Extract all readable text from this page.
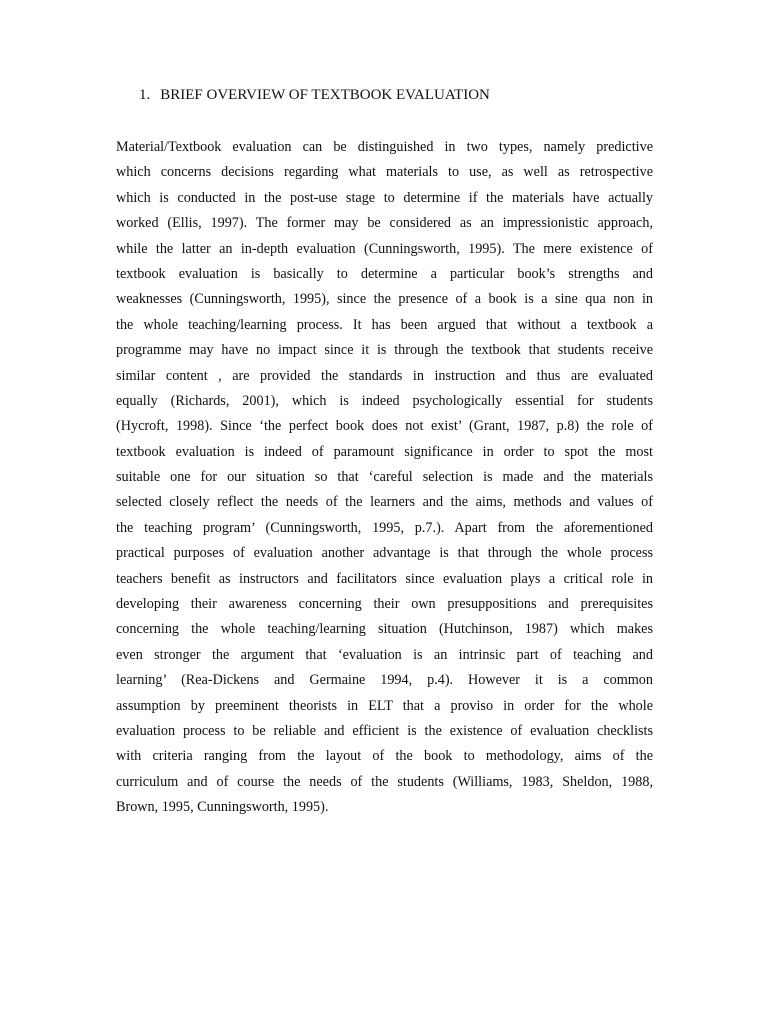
1. BRIEF OVERVIEW OF TEXTBOOK EVALUATION
Material/Textbook evaluation can be distinguished in two types, namely predictive
which concerns decisions regarding what materials to use, as well as retrospective
which is conducted in the post-use stage to determine if the materials have actually
worked (Ellis, 1997). The former may be considered as an impressionistic approach,
while the latter an in-depth evaluation (Cunningsworth, 1995). The mere existence of
textbook evaluation is basically to determine a particular book’s strengths and
weaknesses (Cunningsworth, 1995), since the presence of a book is a sine qua non in
the whole teaching/learning process. It has been argued that without a textbook a
programme may have no impact since it is through the textbook that students receive
similar content , are provided the standards in instruction and thus are evaluated
equally (Richards, 2001), which is indeed psychologically essential for students
(Hycroft, 1998). Since ‘the perfect book does not exist’ (Grant, 1987, p.8) the role of
textbook evaluation is indeed of paramount significance in order to spot the most
suitable one for our situation so that ‘careful selection is made and the materials
selected closely reflect the needs of the learners and the aims, methods and values of
the teaching program’ (Cunningsworth, 1995, p.7.). Apart from the aforementioned
practical purposes of evaluation another advantage is that through the whole process
teachers benefit as instructors and facilitators since evaluation plays a critical role in
developing their awareness concerning their own presuppositions and prerequisites
concerning the whole teaching/learning situation (Hutchinson, 1987) which makes
even stronger the argument that ‘evaluation is an intrinsic part of teaching and
learning’ (Rea-Dickens and Germaine 1994, p.4). However it is a common
assumption by preeminent theorists in ELT that a proviso in order for the whole
evaluation process to be reliable and efficient is the existence of evaluation checklists
with criteria ranging from the layout of the book to methodology, aims of the
curriculum and of course the needs of the students (Williams, 1983, Sheldon, 1988,
Brown, 1995, Cunningsworth, 1995).
